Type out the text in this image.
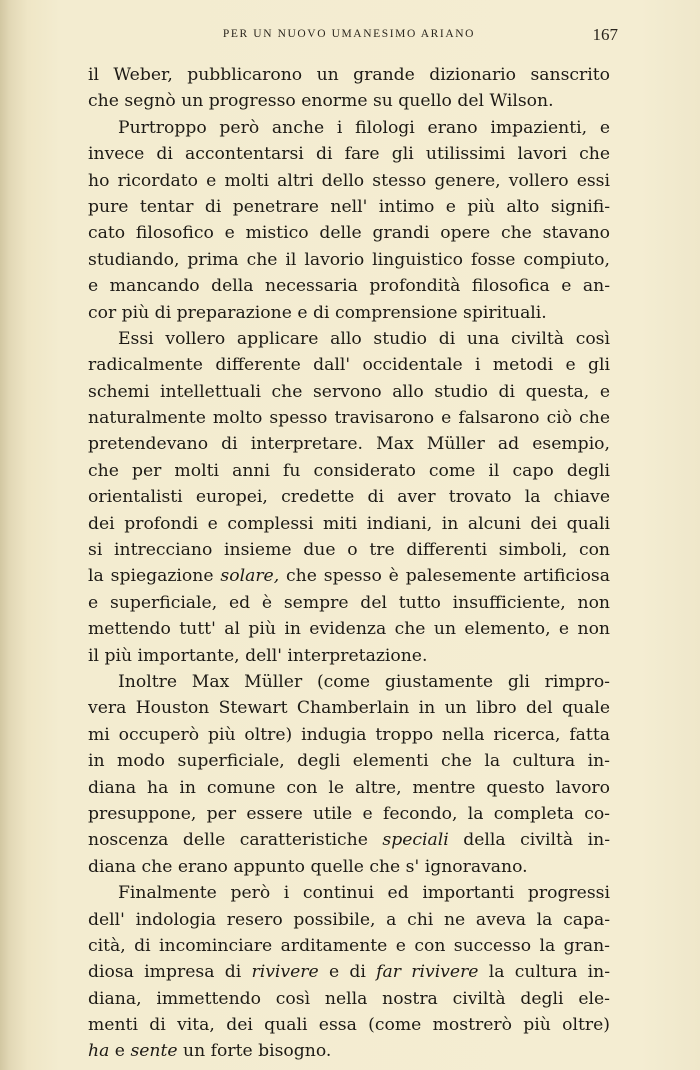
PER UN NUOVO UMANESIMO ARIANO	167
il Weber, pubblicarono un grande dizionario sanscrito
che segnò un progresso enorme su quello del Wilson.
Purtroppo però anche i filologi erano impazienti, e
invece di accontentarsi di fare gli utilissimi lavori che
ho ricordato e molti altri dello stesso genere, vollero essi
pure tentar di penetrare nell' intimo e più alto signifi-
cato filosofico e mistico delle grandi opere che stavano
studiando, prima che il lavorio linguistico fosse compiuto,
e mancando della necessaria profondità filosofica e an-
cor più di preparazione e di comprensione spirituali.
Essi vollero applicare allo studio di una civiltà così
radicalmente differente dall' occidentale i metodi e gli
schemi intellettuali che servono allo studio di questa, e
naturalmente molto spesso travisarono e falsarono ciò che
pretendevano di interpretare. Max Müller ad esempio,
che per molti anni fu considerato come il capo degli
orientalisti europei, credette di aver trovato la chiave
dei profondi e complessi miti indiani, in alcuni dei quali
si intrecciano insieme due o tre differenti simboli, con
la spiegazione solare, che spesso è palesemente artificiosa
e superficiale, ed è sempre del tutto insufficiente, non
mettendo tutt' al più in evidenza che un elemento, e non
il più importante, dell' interpretazione.
Inoltre Max Müller (come giustamente gli rimpro-
vera Houston Stewart Chamberlain in un libro del quale
mi occuperò più oltre) indugia troppo nella ricerca, fatta
in modo superficiale, degli elementi che la cultura in-
diana ha in comune con le altre, mentre questo lavoro
presuppone, per essere utile e fecondo, la completa co-
noscenza delle caratteristiche speciali della civiltà in-
diana che erano appunto quelle che s' ignoravano.
Finalmente però i continui ed importanti progressi
dell' indologia resero possibile, a chi ne aveva la capa-
cità, di incominciare arditamente e con successo la gran-
diosa impresa di rivivere e di far rivivere la cultura in-
diana, immettendo così nella nostra civiltà degli ele-
menti di vita, dei quali essa (come mostrerò più oltre)
ha e sente un forte bisogno.
